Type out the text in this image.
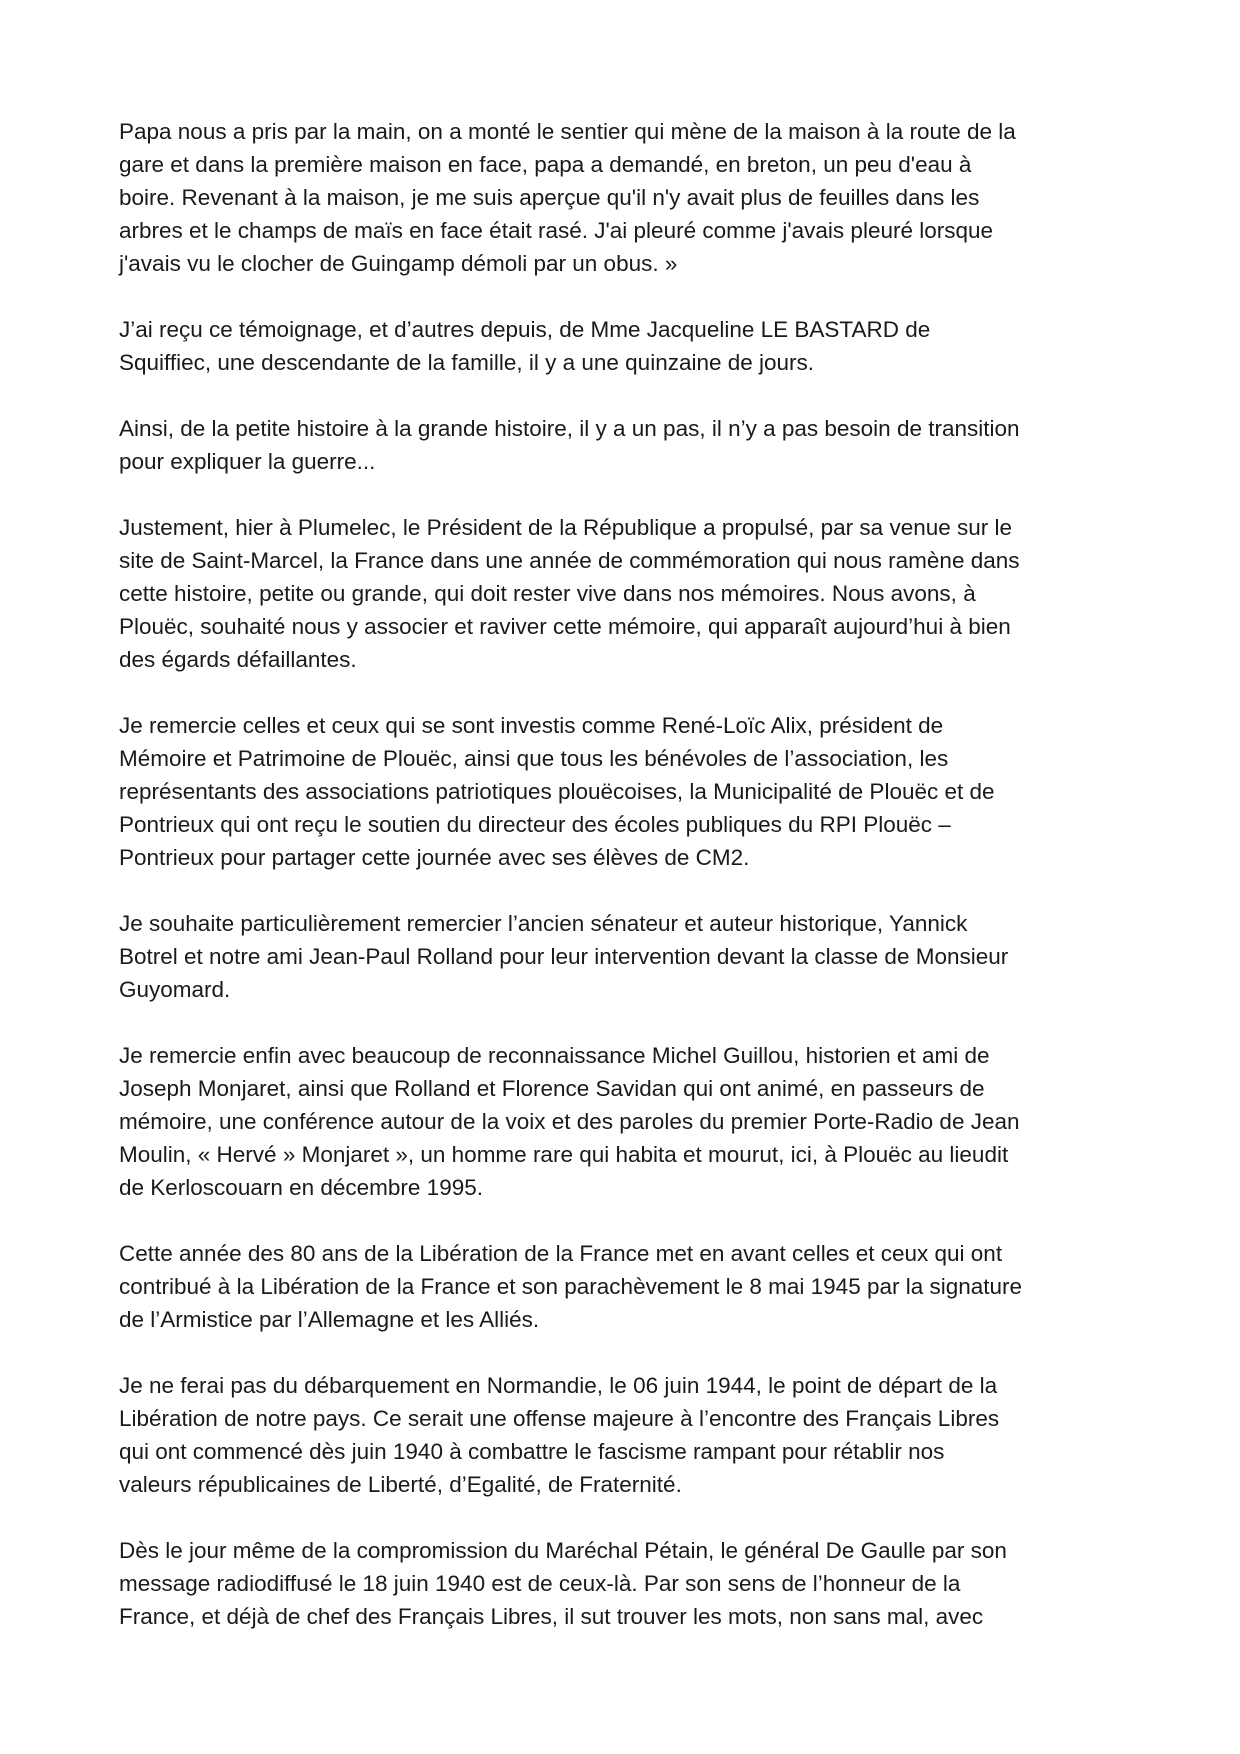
Papa nous a pris par la main, on a monté le sentier qui mène de la maison à la route de la
gare et dans la première maison en face, papa a demandé, en breton, un peu d'eau à
boire. Revenant à la maison, je me suis aperçue qu'il n'y avait plus de feuilles dans les
arbres et le champs de maïs en face était rasé. J'ai pleuré comme j'avais pleuré lorsque
j'avais vu le clocher de Guingamp démoli par un obus. »

J’ai reçu ce témoignage, et d’autres depuis, de Mme Jacqueline LE BASTARD de
Squiffiec, une descendante de la famille, il y a une quinzaine de jours.

Ainsi, de la petite histoire à la grande histoire, il y a un pas, il n’y a pas besoin de transition
pour expliquer la guerre...

Justement, hier à Plumelec, le Président de la République a propulsé, par sa venue sur le
site de Saint-Marcel, la France dans une année de commémoration qui nous ramène dans
cette histoire, petite ou grande, qui doit rester vive dans nos mémoires. Nous avons, à
Plouëc, souhaité nous y associer et raviver cette mémoire, qui apparaît aujourd’hui à bien
des égards défaillantes.

Je remercie celles et ceux qui se sont investis comme René-Loïc Alix, président de
Mémoire et Patrimoine de Plouëc, ainsi que tous les bénévoles de l’association, les
représentants des associations patriotiques plouëcoises, la Municipalité de Plouëc et de
Pontrieux qui ont reçu le soutien du directeur des écoles publiques du RPI Plouëc –
Pontrieux pour partager cette journée avec ses élèves de CM2.

Je souhaite particulièrement remercier l’ancien sénateur et auteur historique, Yannick
Botrel et notre ami Jean-Paul Rolland pour leur intervention devant la classe de Monsieur
Guyomard.

Je remercie enfin avec beaucoup de reconnaissance Michel Guillou, historien et ami de
Joseph Monjaret, ainsi que Rolland et Florence Savidan qui ont animé, en passeurs de
mémoire, une conférence autour de la voix et des paroles du premier Porte-Radio de Jean
Moulin, « Hervé » Monjaret », un homme rare qui habita et mourut, ici, à Plouëc au lieudit
de Kerloscouarn en décembre 1995.

Cette année des 80 ans de la Libération de la France met en avant celles et ceux qui ont
contribué à la Libération de la France et son parachèvement le 8 mai 1945 par la signature
de l’Armistice par l’Allemagne et les Alliés.

Je ne ferai pas du débarquement en Normandie, le 06 juin 1944, le point de départ de la
Libération de notre pays. Ce serait une offense majeure à l’encontre des Français Libres
qui ont commencé dès juin 1940 à combattre le fascisme rampant pour rétablir nos
valeurs républicaines de Liberté, d’Egalité, de Fraternité.

Dès le jour même de la compromission du Maréchal Pétain, le général De Gaulle par son
message radiodiffusé le 18 juin 1940 est de ceux-là. Par son sens de l’honneur de la
France, et déjà de chef des Français Libres, il sut trouver les mots, non sans mal, avec
